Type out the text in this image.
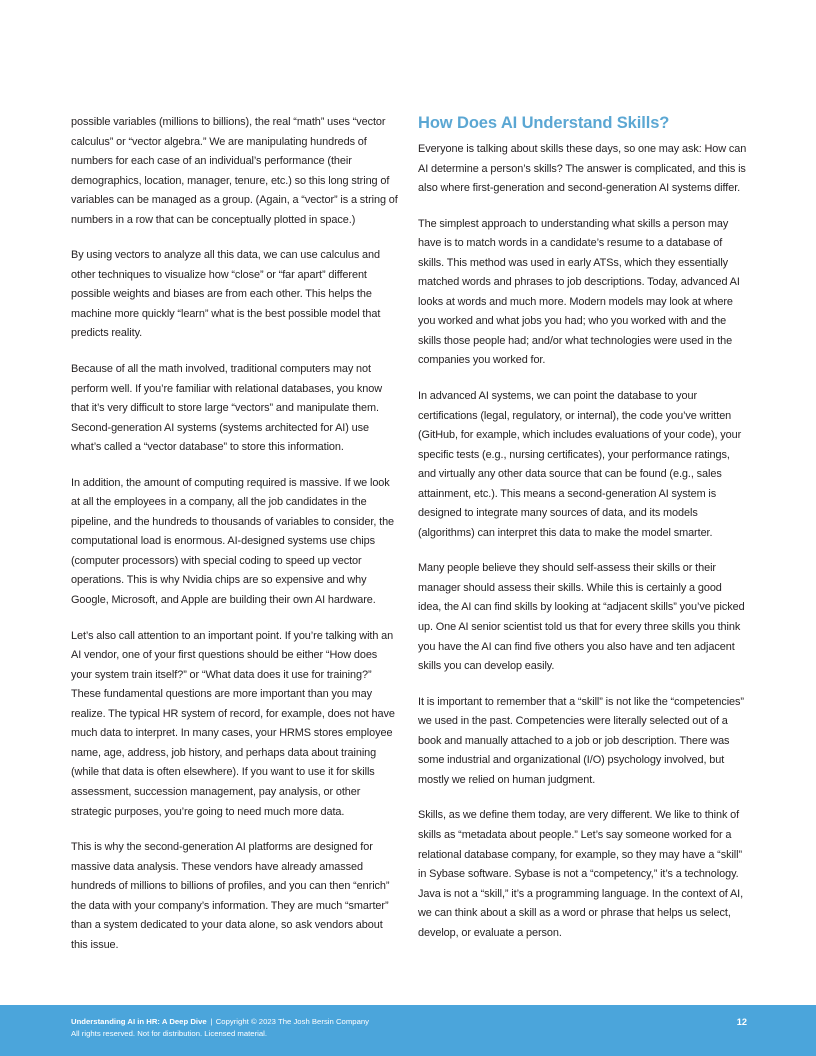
possible variables (millions to billions), the real “math” uses “vector calculus” or “vector algebra.” We are manipulating hundreds of numbers for each case of an individual’s performance (their demographics, location, manager, tenure, etc.) so this long string of variables can be managed as a group. (Again, a “vector” is a string of numbers in a row that can be conceptually plotted in space.)

By using vectors to analyze all this data, we can use calculus and other techniques to visualize how “close” or “far apart” different possible weights and biases are from each other. This helps the machine more quickly “learn” what is the best possible model that predicts reality.

Because of all the math involved, traditional computers may not perform well. If you’re familiar with relational databases, you know that it’s very difficult to store large “vectors” and manipulate them. Second-generation AI systems (systems architected for AI) use what’s called a “vector database” to store this information.

In addition, the amount of computing required is massive. If we look at all the employees in a company, all the job candidates in the pipeline, and the hundreds to thousands of variables to consider, the computational load is enormous. AI-designed systems use chips (computer processors) with special coding to speed up vector operations. This is why Nvidia chips are so expensive and why Google, Microsoft, and Apple are building their own AI hardware.

Let’s also call attention to an important point. If you’re talking with an AI vendor, one of your first questions should be either “How does your system train itself?” or “What data does it use for training?” These fundamental questions are more important than you may realize. The typical HR system of record, for example, does not have much data to interpret. In many cases, your HRMS stores employee name, age, address, job history, and perhaps data about training (while that data is often elsewhere). If you want to use it for skills assessment, succession management, pay analysis, or other strategic purposes, you’re going to need much more data.

This is why the second-generation AI platforms are designed for massive data analysis. These vendors have already amassed hundreds of millions to billions of profiles, and you can then “enrich” the data with your company’s information. They are much “smarter” than a system dedicated to your data alone, so ask vendors about this issue.

How Does AI Understand Skills?

Everyone is talking about skills these days, so one may ask: How can AI determine a person’s skills? The answer is complicated, and this is also where first-generation and second-generation AI systems differ.

The simplest approach to understanding what skills a person may have is to match words in a candidate’s resume to a database of skills. This method was used in early ATSs, which they essentially matched words and phrases to job descriptions. Today, advanced AI looks at words and much more. Modern models may look at where you worked and what jobs you had; who you worked with and the skills those people had; and/or what technologies were used in the companies you worked for.

In advanced AI systems, we can point the database to your certifications (legal, regulatory, or internal), the code you’ve written (GitHub, for example, which includes evaluations of your code), your specific tests (e.g., nursing certificates), your performance ratings, and virtually any other data source that can be found (e.g., sales attainment, etc.). This means a second-generation AI system is designed to integrate many sources of data, and its models (algorithms) can interpret this data to make the model smarter.

Many people believe they should self-assess their skills or their manager should assess their skills. While this is certainly a good idea, the AI can find skills by looking at “adjacent skills” you’ve picked up. One AI senior scientist told us that for every three skills you think you have the AI can find five others you also have and ten adjacent skills you can develop easily.

It is important to remember that a “skill” is not like the “competencies” we used in the past. Competencies were literally selected out of a book and manually attached to a job or job description. There was some industrial and organizational (I/O) psychology involved, but mostly we relied on human judgment.

Skills, as we define them today, are very different. We like to think of skills as “metadata about people.” Let’s say someone worked for a relational database company, for example, so they may have a “skill” in Sybase software. Sybase is not a “competency,” it’s a technology. Java is not a “skill,” it’s a programming language. In the context of AI, we can think about a skill as a word or phrase that helps us select, develop, or evaluate a person.

Understanding AI in HR: A Deep Dive | Copyright © 2023 The Josh Bersin Company
All rights reserved. Not for distribution. Licensed material.
12
